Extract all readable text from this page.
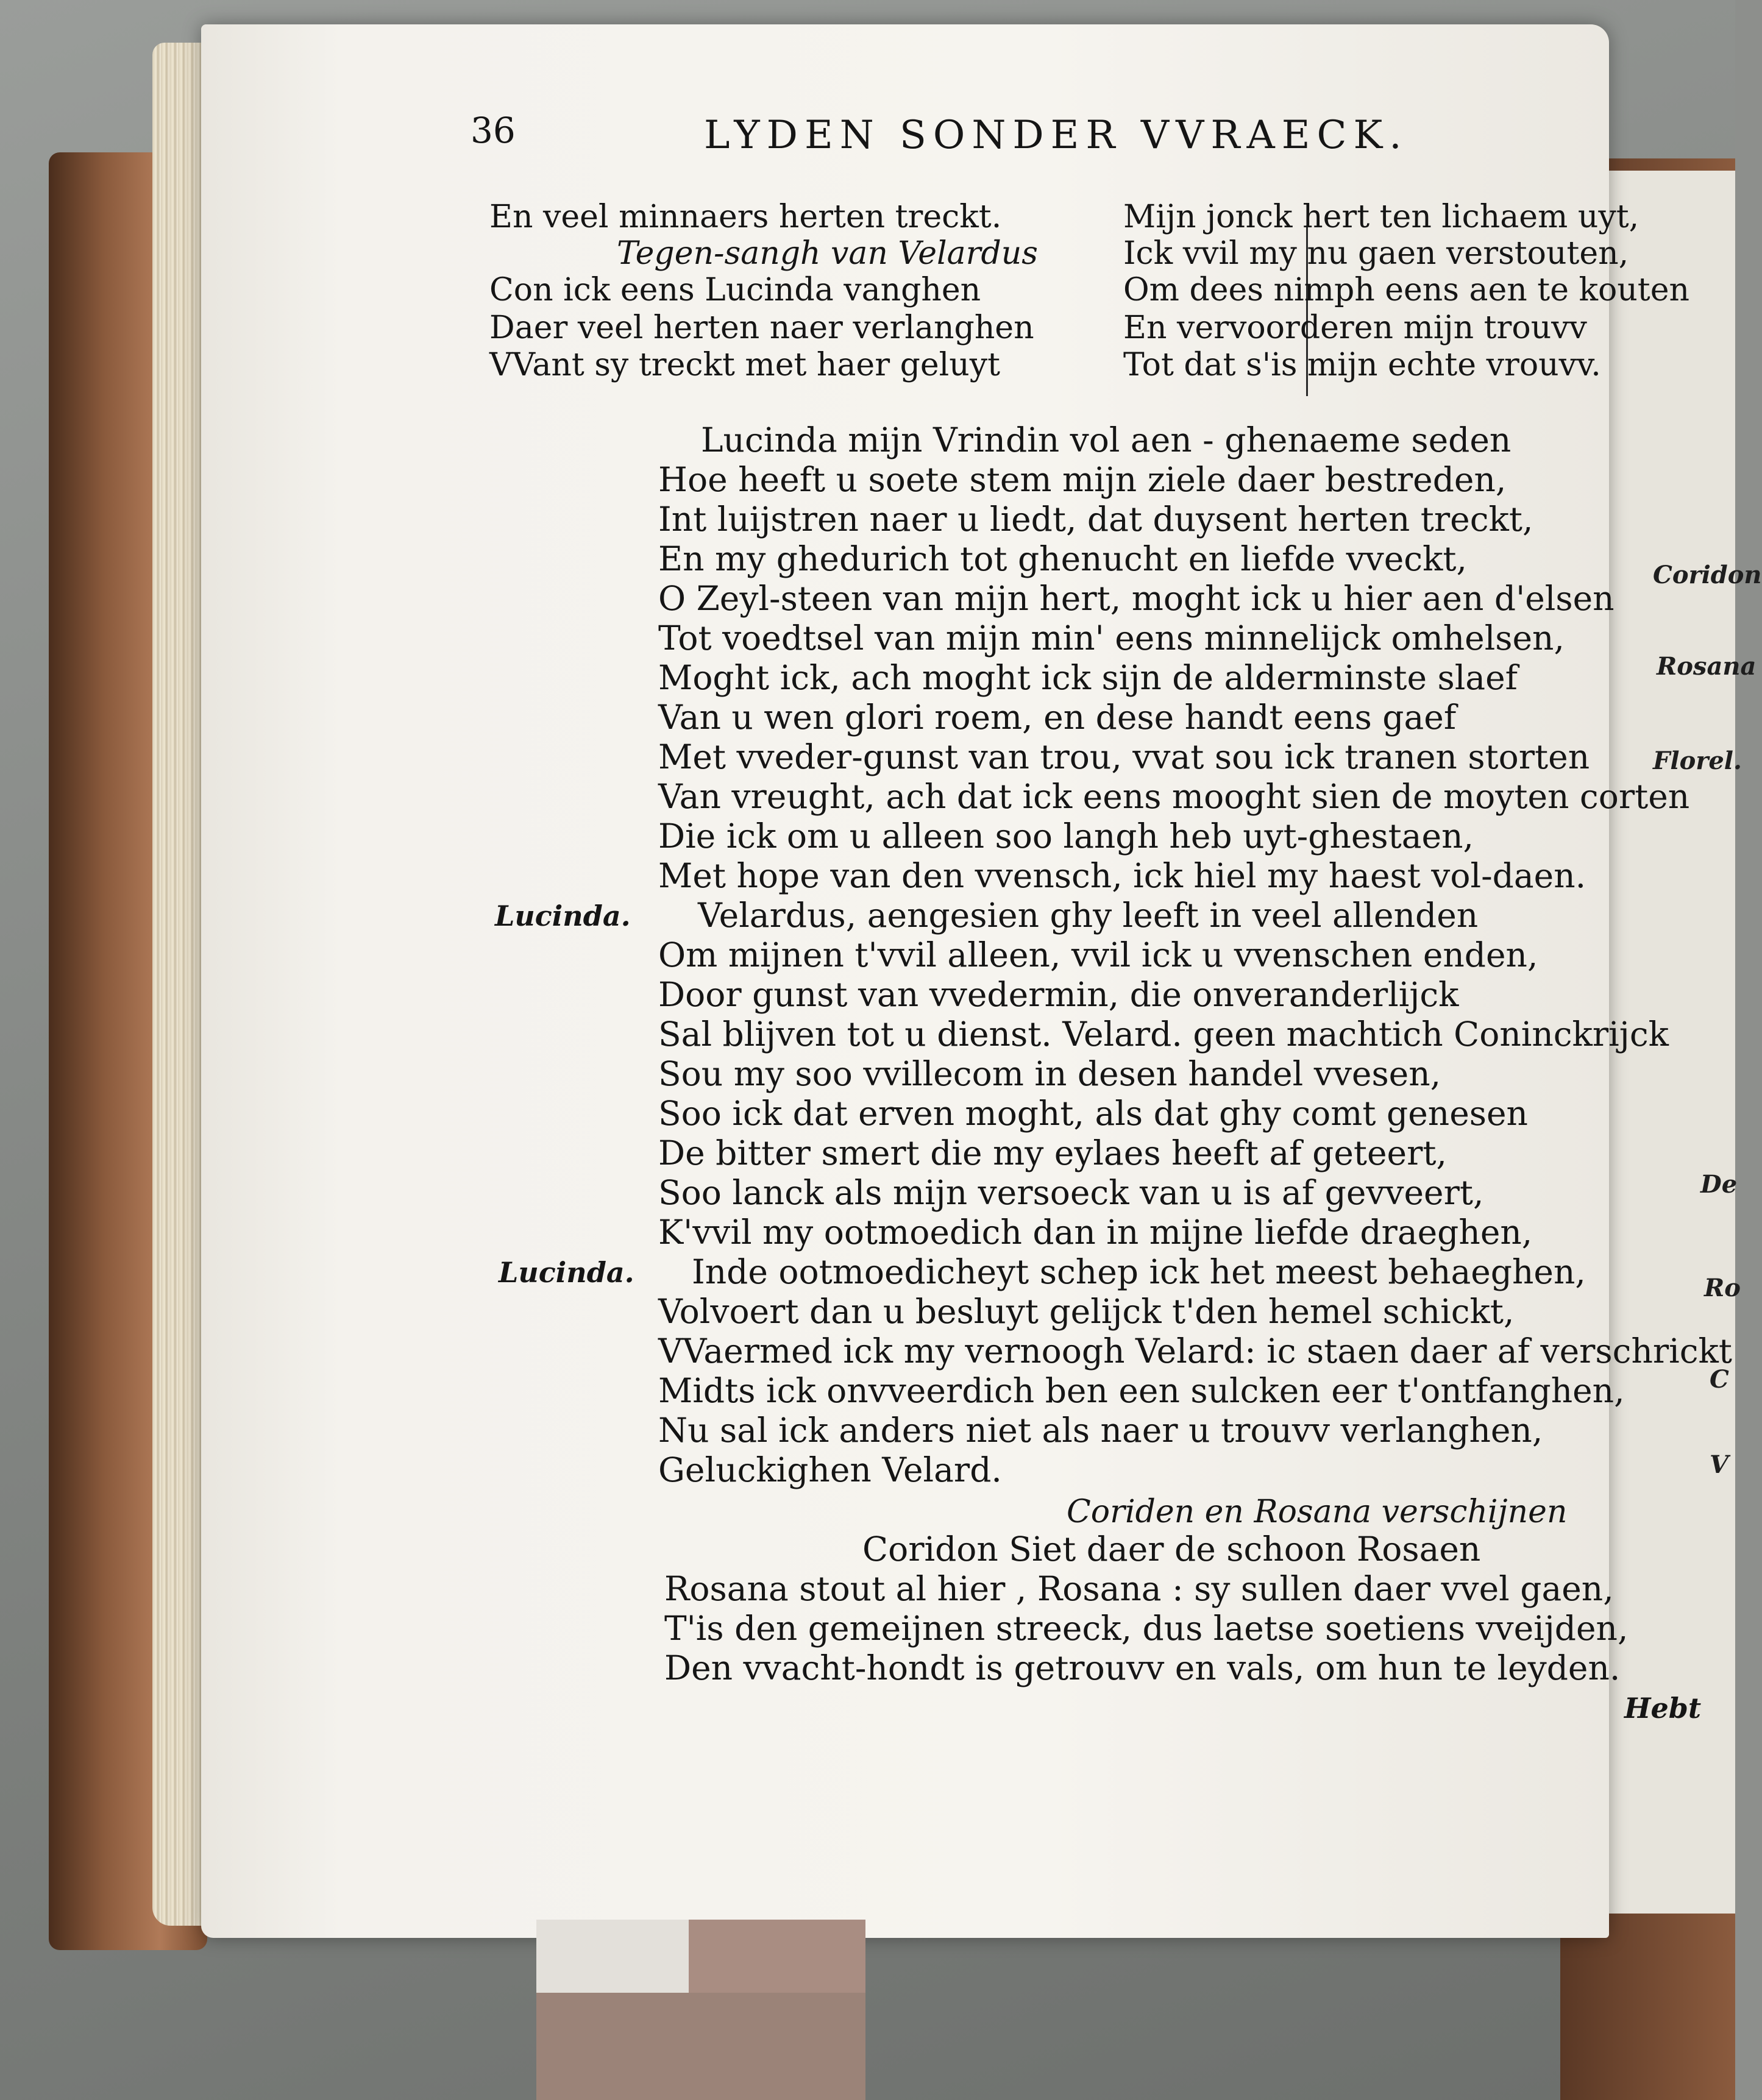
Coridon
Rosana
Florel.
De
Ro
C
V
36	LYDEN SONDER VVRAECK.
En veel minnaers herten treckt.
Tegen-sangh van Velardus
Con ick eens Lucinda vanghen
Daer veel herten naer verlanghen
VVant sy treckt met haer geluyt
Mijn jonck hert ten lichaem uyt,
Ick vvil my nu gaen verstouten,
Om dees nimph eens aen te kouten
En vervoorderen mijn trouvv
Tot dat s'is mijn echte vrouvv.
Lucinda mijn Vrindin vol aen - ghenaeme seden
Hoe heeft u soete stem mijn ziele daer bestreden,
Int luijstren naer u liedt, dat duysent herten treckt,
En my ghedurich tot ghenucht en liefde vveckt,
O Zeyl-steen van mijn hert, moght ick u hier aen d'elsen
Tot voedtsel van mijn min' eens minnelijck omhelsen,
Moght ick, ach moght ick sijn de alderminste slaef
Van u wen glori roem, en dese handt eens gaef
Met vveder-gunst van trou, vvat sou ick tranen storten
Van vreught, ach dat ick eens mooght sien de moyten corten
Die ick om u alleen soo langh heb uyt-ghestaen,
Met hope van den vvensch, ick hiel my haest vol-daen.
Lucinda. Velardus, aengesien ghy leeft in veel allenden
Om mijnen t'vvil alleen, vvil ick u vvenschen enden,
Door gunst van vvedermin, die onveranderlijck
Sal blijven tot u dienst. Velard. geen machtich Coninckrijck
Sou my soo vvillecom in desen handel vvesen,
Soo ick dat erven moght, als dat ghy comt genesen
De bitter smert die my eylaes heeft af geteert,
Soo lanck als mijn versoeck van u is af gevveert,
K'vvil my ootmoedich dan in mijne liefde draeghen,
Lucinda. Inde ootmoedicheyt schep ick het meest behaeghen,
Volvoert dan u besluyt gelijck t'den hemel schickt,
VVaermed ick my vernoogh Velard: ic staen daer af verschrickt
Midts ick onvveerdich ben een sulcken eer t'ontfanghen,
Nu sal ick anders niet als naer u trouvv verlanghen,
Geluckighen Velard.
Coriden en Rosana verschijnen
Coridon Siet daer de schoon Rosaen
Rosana stout al hier , Rosana : sy sullen daer vvel gaen,
T'is den gemeijnen streeck, dus laetse soetiens vveijden,
Den vvacht-hondt is getrouvv en vals, om hun te leyden.
Hebt
